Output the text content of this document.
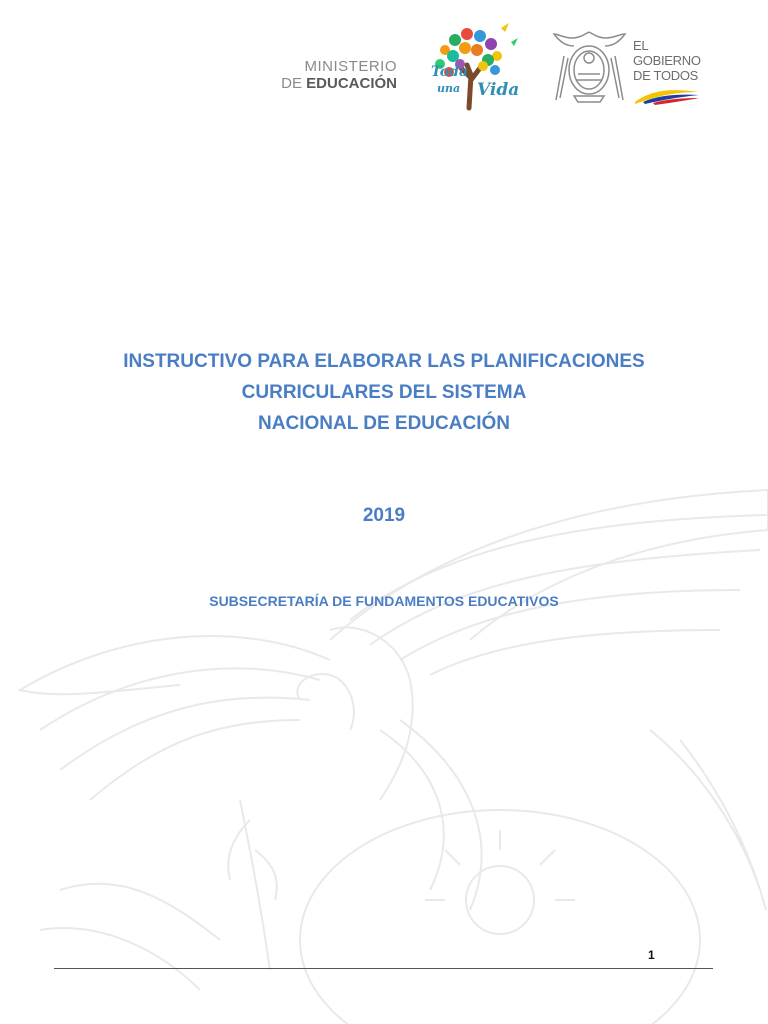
MINISTERIO
DE EDUCACIÓN
Toda
una Vida
EL
GOBIERNO
DE TODOS
INSTRUCTIVO PARA ELABORAR LAS PLANIFICACIONES
CURRICULARES DEL SISTEMA
NACIONAL DE EDUCACIÓN
2019
SUBSECRETARÍA DE FUNDAMENTOS EDUCATIVOS
1
